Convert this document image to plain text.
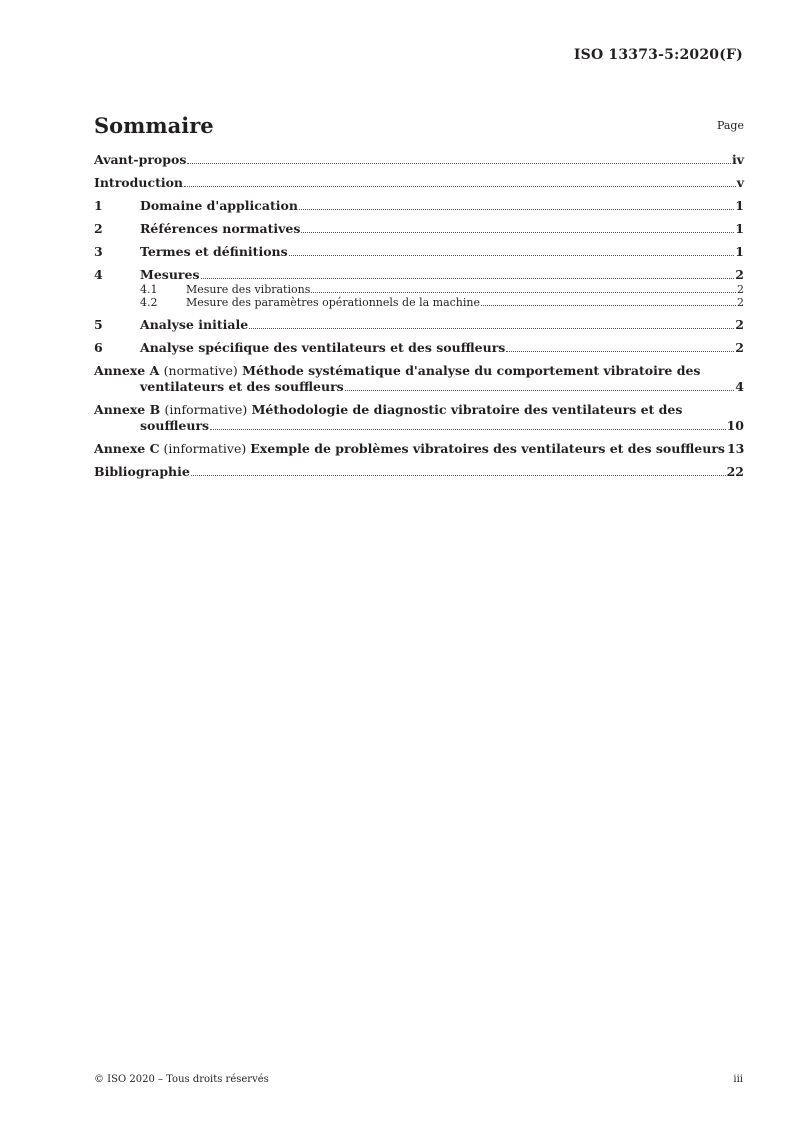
ISO 13373-5:2020(F)
Sommaire	Page
Avant-propos	iv
Introduction	v
1	Domaine d'application	1
2	Références normatives	1
3	Termes et définitions	1
4	Mesures	2
4.1	Mesure des vibrations	2
4.2	Mesure des paramètres opérationnels de la machine	2
5	Analyse initiale	2
6	Analyse spécifique des ventilateurs et des souffleurs	2
Annexe A (normative) Méthode systématique d'analyse du comportement vibratoire des
ventilateurs et des souffleurs	4
Annexe B (informative) Méthodologie de diagnostic vibratoire des ventilateurs et des
souffleurs	10
Annexe C (informative) Exemple de problèmes vibratoires des ventilateurs et des souffleurs 13
Bibliographie	22
© ISO 2020 – Tous droits réservés	iii
